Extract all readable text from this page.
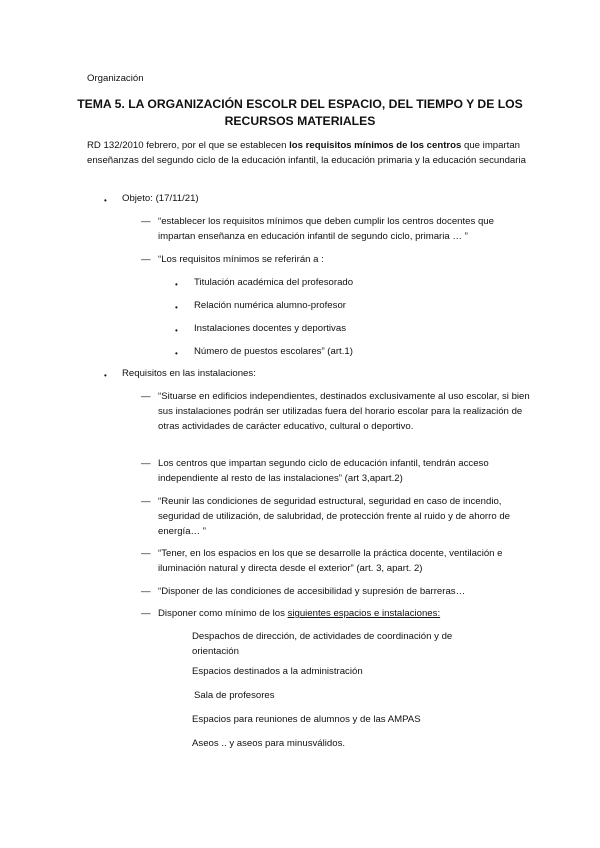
Organización
TEMA 5. LA ORGANIZACIÓN ESCOLR DEL ESPACIO, DEL TIEMPO Y DE LOS
RECURSOS MATERIALES
RD 132/2010 febrero, por el que se establecen los requisitos mínimos de los centros que impartan enseñanzas del segundo ciclo de la educación infantil, la educación primaria y la educación secundaria
• Objeto: (17/11/21)
— “establecer los requisitos mínimos que deben cumplir los centros docentes que impartan enseñanza en educación infantil de segundo ciclo, primaria … ”
— “Los requisitos mínimos se referirán a :
• Titulación académica del profesorado
• Relación numérica alumno-profesor
• Instalaciones docentes y deportivas
• Número de puestos escolares” (art.1)
• Requisitos en las instalaciones:
— “Situarse en edificios independientes, destinados exclusivamente al uso escolar, si bien sus instalaciones podrán ser utilizadas fuera del horario escolar para la realización de otras actividades de carácter educativo, cultural o deportivo.
— Los centros que impartan segundo ciclo de educación infantil, tendrán acceso independiente al resto de las instalaciones” (art 3,apart.2)
— “Reunir las condiciones de seguridad estructural, seguridad en caso de incendio, seguridad de utilización, de salubridad, de protección frente al ruido y de ahorro de energía… ”
— “Tener, en los espacios en los que se desarrolle la práctica docente, ventilación e iluminación natural y directa desde el exterior” (art. 3, apart. 2)
— “Disponer de las condiciones de accesibilidad y supresión de barreras…
— Disponer como mínimo de los siguientes espacios e instalaciones:
Despachos de dirección, de actividades de coordinación y de orientación
Espacios destinados a la administración
Sala de profesores
Espacios para reuniones de alumnos y de las AMPAS
Aseos .. y aseos para minusválidos.
